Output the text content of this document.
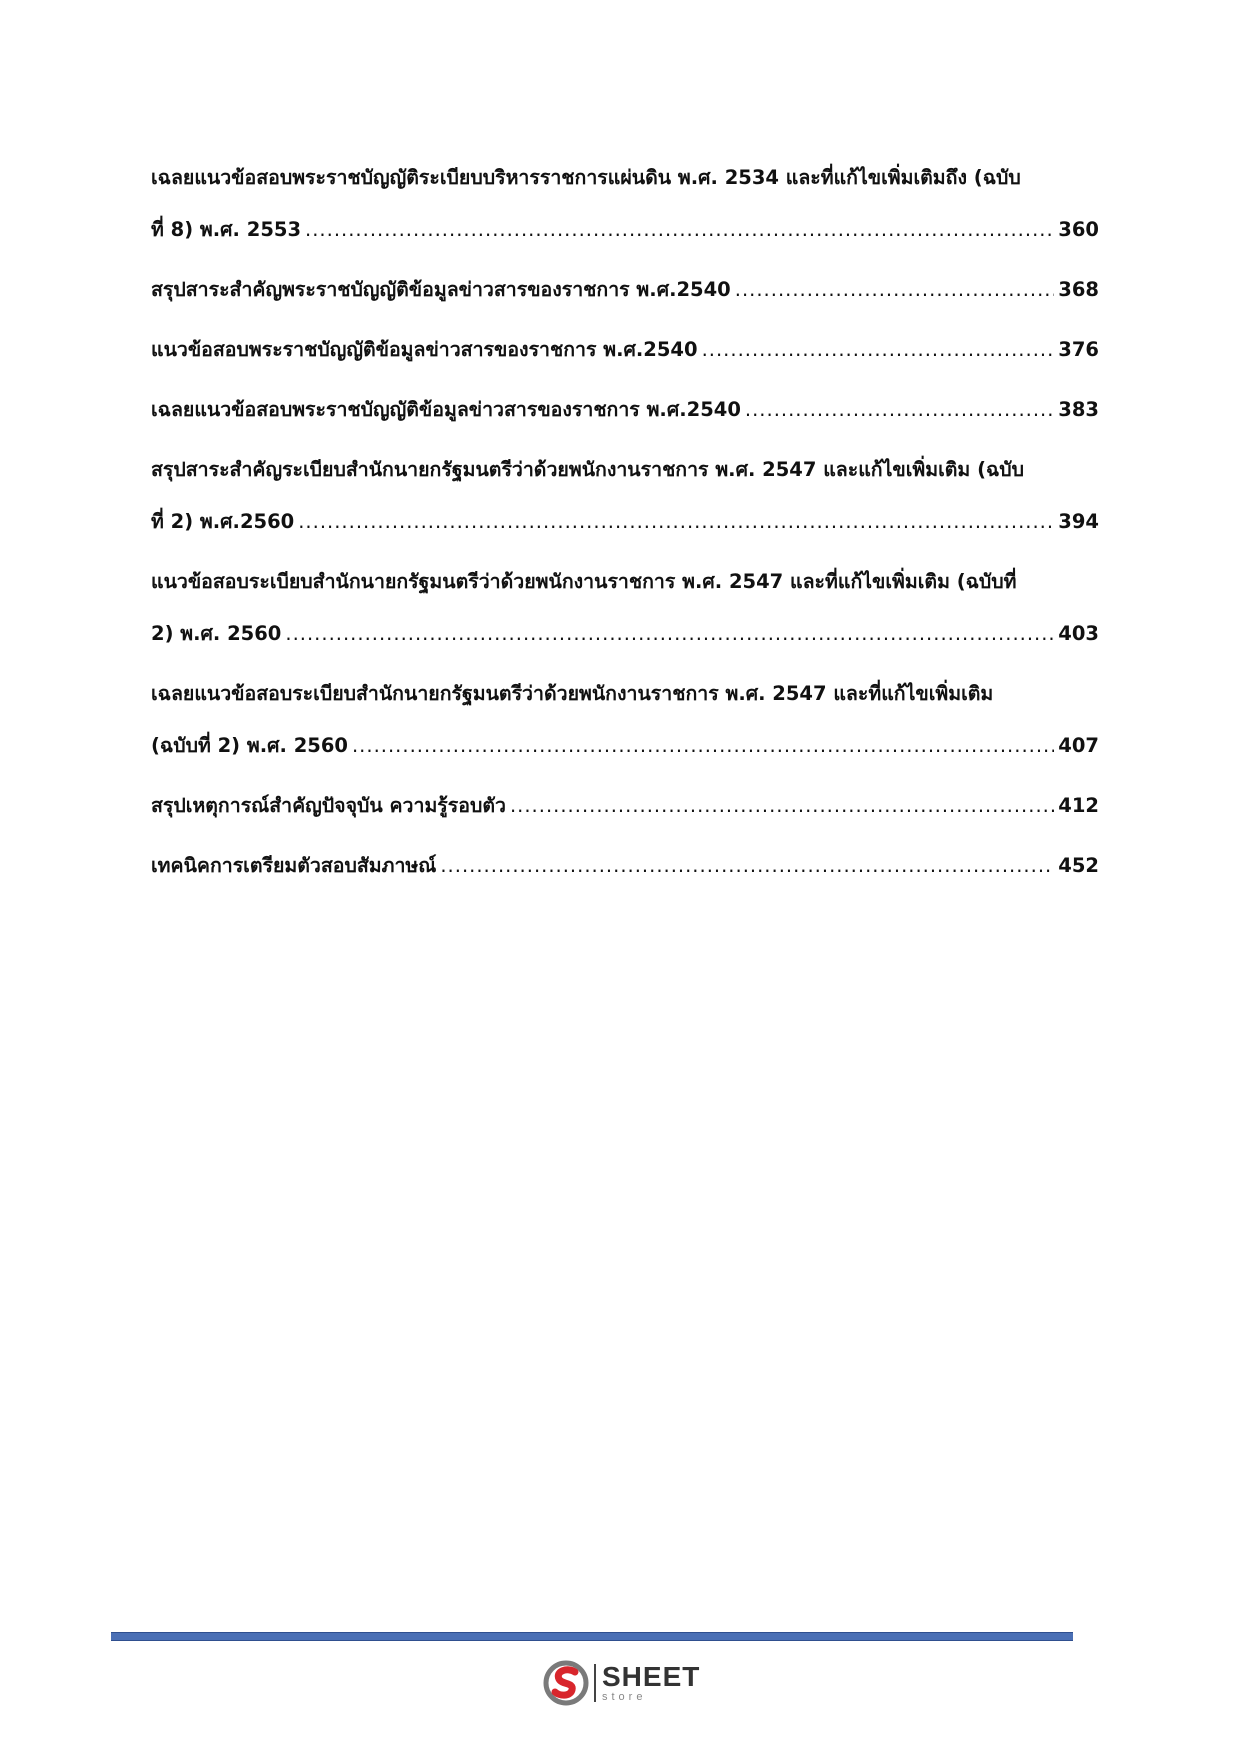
เฉลยแนวข้อสอบพระราชบัญญัติระเบียบบริหารราชการแผ่นดิน พ.ศ. 2534 และที่แก้ไขเพิ่มเติมถึง (ฉบับ
ที่ 8) พ.ศ. 2553 .....	360
สรุปสาระสำคัญพระราชบัญญัติข้อมูลข่าวสารของราชการ พ.ศ.2540 .....	368
แนวข้อสอบพระราชบัญญัติข้อมูลข่าวสารของราชการ พ.ศ.2540 .....	376
เฉลยแนวข้อสอบพระราชบัญญัติข้อมูลข่าวสารของราชการ พ.ศ.2540 .....	383
สรุปสาระสำคัญระเบียบสำนักนายกรัฐมนตรีว่าด้วยพนักงานราชการ พ.ศ. 2547 และแก้ไขเพิ่มเติม (ฉบับ
ที่ 2) พ.ศ.2560 .....	394
แนวข้อสอบระเบียบสำนักนายกรัฐมนตรีว่าด้วยพนักงานราชการ พ.ศ. 2547 และที่แก้ไขเพิ่มเติม (ฉบับที่
2) พ.ศ. 2560 .....	403
เฉลยแนวข้อสอบระเบียบสำนักนายกรัฐมนตรีว่าด้วยพนักงานราชการ พ.ศ. 2547 และที่แก้ไขเพิ่มเติม
(ฉบับที่ 2) พ.ศ. 2560 .....	407
สรุปเหตุการณ์สำคัญปัจจุบัน ความรู้รอบตัว .....	412
เทคนิคการเตรียมตัวสอบสัมภาษณ์ .....	452
SHEET
store
